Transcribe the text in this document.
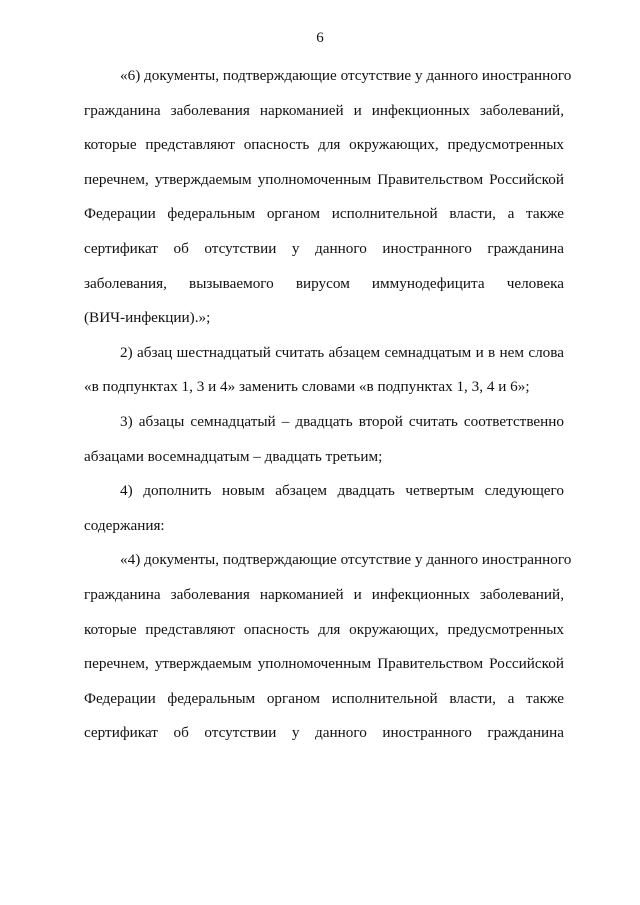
6
«6) документы, подтверждающие отсутствие у данного иностранного
гражданина заболевания наркоманией и инфекционных заболеваний,
которые представляют опасность для окружающих, предусмотренных
перечнем, утверждаемым уполномоченным Правительством Российской
Федерации федеральным органом исполнительной власти, а также
сертификат об отсутствии у данного иностранного гражданина
заболевания, вызываемого вирусом иммунодефицита человека
(ВИЧ-инфекции).»;
2) абзац шестнадцатый считать абзацем семнадцатым и в нем слова
«в подпунктах 1, 3 и 4» заменить словами «в подпунктах 1, 3, 4 и 6»;
3) абзацы семнадцатый – двадцать второй считать соответственно
абзацами восемнадцатым – двадцать третьим;
4) дополнить новым абзацем двадцать четвертым следующего
содержания:
«4) документы, подтверждающие отсутствие у данного иностранного
гражданина заболевания наркоманией и инфекционных заболеваний,
которые представляют опасность для окружающих, предусмотренных
перечнем, утверждаемым уполномоченным Правительством Российской
Федерации федеральным органом исполнительной власти, а также
сертификат об отсутствии у данного иностранного гражданина
